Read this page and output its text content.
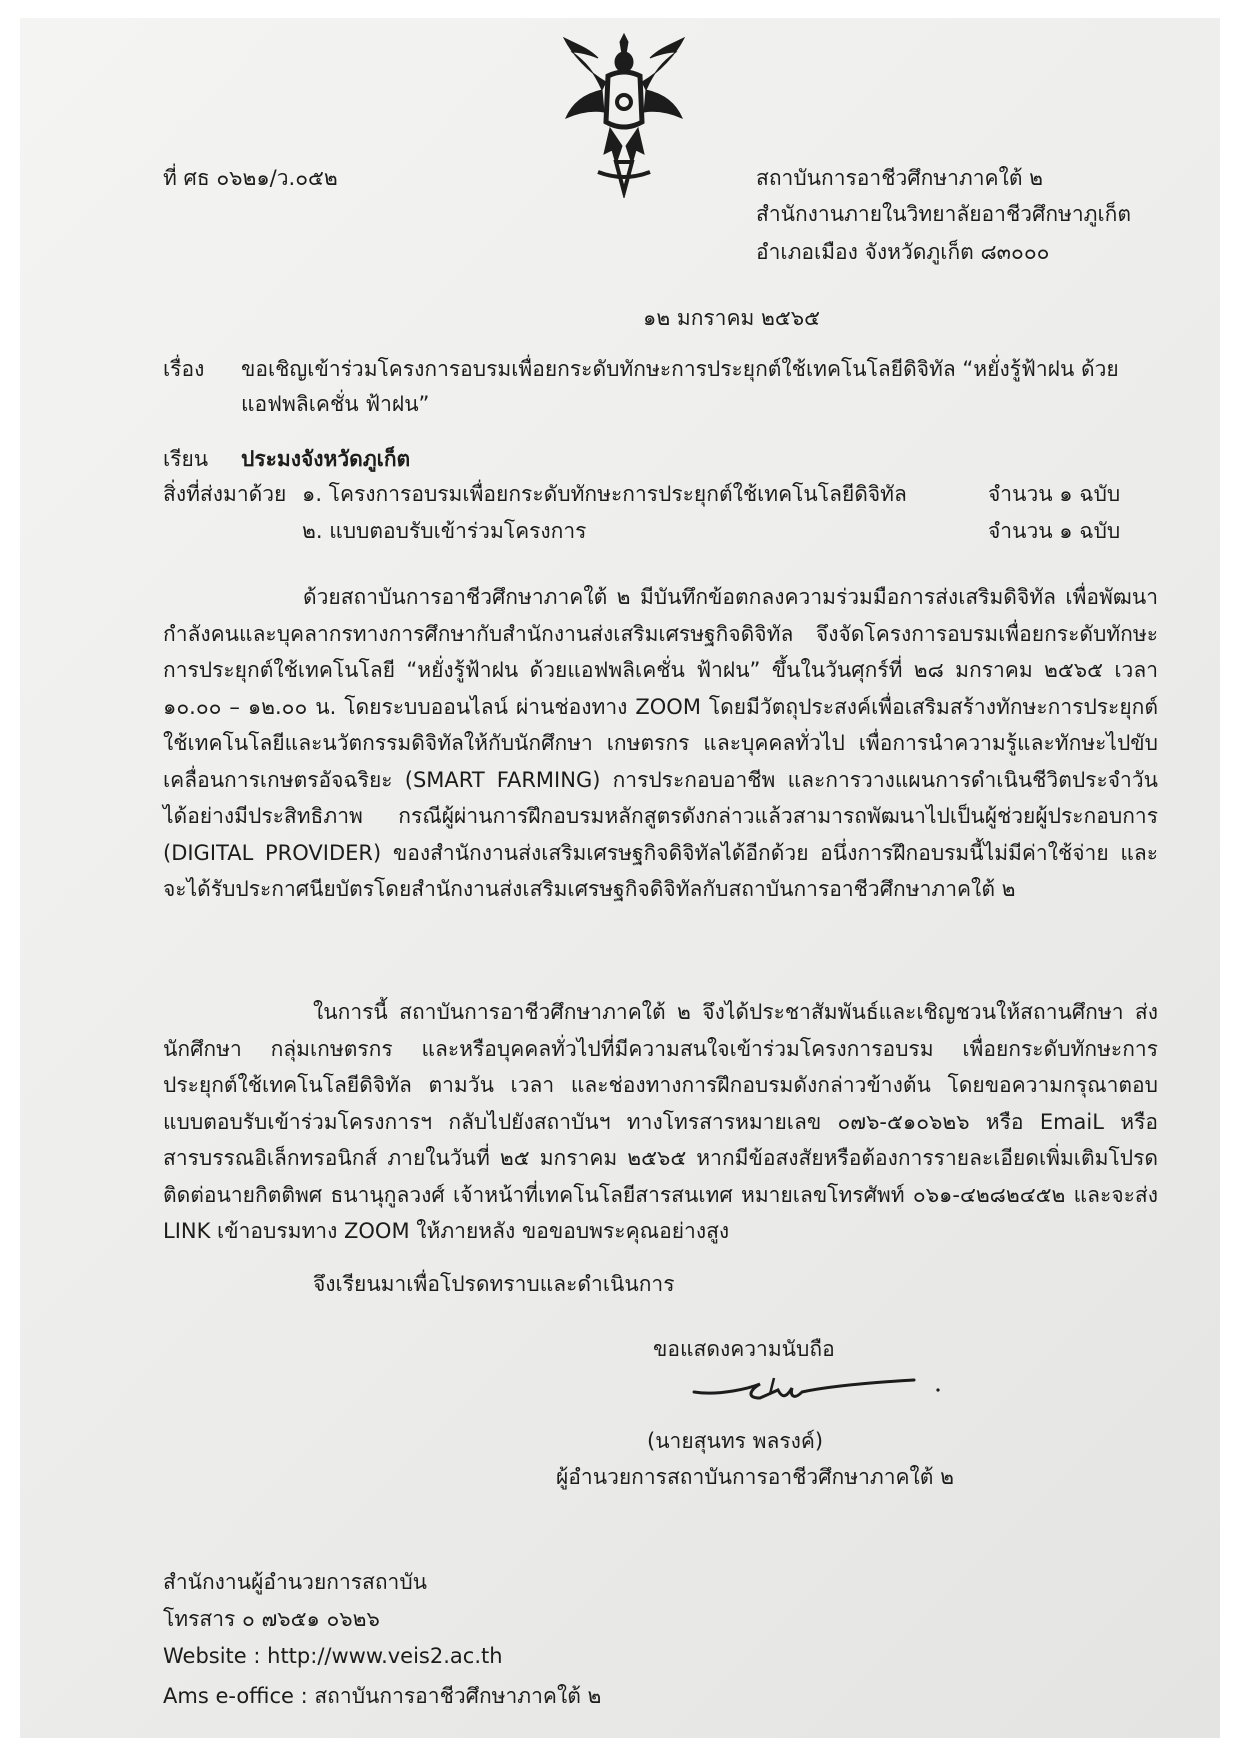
ที่ ศธ ๐๖๒๑/ว.๐๕๒	สถาบันการอาชีวศึกษาภาคใต้ ๒
สำนักงานภายในวิทยาลัยอาชีวศึกษาภูเก็ต
อำเภอเมือง จังหวัดภูเก็ต ๘๓๐๐๐
๑๒ มกราคม ๒๕๖๕
เรื่อง ขอเชิญเข้าร่วมโครงการอบรมเพื่อยกระดับทักษะการประยุกต์ใช้เทคโนโลยีดิจิทัล “หยั่งรู้ฟ้าฝน ด้วย
แอฟพลิเคชั่น ฟ้าฝน”
เรียน ประมงจังหวัดภูเก็ต
สิ่งที่ส่งมาด้วย ๑. โครงการอบรมเพื่อยกระดับทักษะการประยุกต์ใช้เทคโนโลยีดิจิทัล	จำนวน ๑ ฉบับ
๒. แบบตอบรับเข้าร่วมโครงการ	จำนวน ๑ ฉบับ
ด้วยสถาบันการอาชีวศึกษาภาคใต้ ๒ มีบันทึกข้อตกลงความร่วมมือการส่งเสริมดิจิทัล เพื่อพัฒนากำลังคนและบุคลากรทางการศึกษากับสำนักงานส่งเสริมเศรษฐกิจดิจิทัล จึงจัดโครงการอบรมเพื่อยกระดับทักษะการประยุกต์ใช้เทคโนโลยี “หยั่งรู้ฟ้าฝน ด้วยแอฟพลิเคชั่น ฟ้าฝน” ขึ้นในวันศุกร์ที่ ๒๘ มกราคม ๒๕๖๕ เวลา ๑๐.๐๐ – ๑๒.๐๐ น. โดยระบบออนไลน์ ผ่านช่องทาง ZOOM โดยมีวัตถุประสงค์เพื่อเสริมสร้างทักษะการประยุกต์ใช้เทคโนโลยีและนวัตกรรมดิจิทัลให้กับนักศึกษา เกษตรกร และบุคคลทั่วไป เพื่อการนำความรู้และทักษะไปขับเคลื่อนการเกษตรอัจฉริยะ (SMART FARMING) การประกอบอาชีพ และการวางแผนการดำเนินชีวิตประจำวันได้อย่างมีประสิทธิภาพ กรณีผู้ผ่านการฝึกอบรมหลักสูตรดังกล่าวแล้วสามารถพัฒนาไปเป็นผู้ช่วยผู้ประกอบการ (DIGITAL PROVIDER) ของสำนักงานส่งเสริมเศรษฐกิจดิจิทัลได้อีกด้วย อนึ่งการฝึกอบรมนี้ไม่มีค่าใช้จ่าย และจะได้รับประกาศนียบัตรโดยสำนักงานส่งเสริมเศรษฐกิจดิจิทัลกับสถาบันการอาชีวศึกษาภาคใต้ ๒
ในการนี้ สถาบันการอาชีวศึกษาภาคใต้ ๒ จึงได้ประชาสัมพันธ์และเชิญชวนให้สถานศึกษา ส่งนักศึกษา กลุ่มเกษตรกร และหรือบุคคลทั่วไปที่มีความสนใจเข้าร่วมโครงการอบรม เพื่อยกระดับทักษะการประยุกต์ใช้เทคโนโลยีดิจิทัล ตามวัน เวลา และช่องทางการฝึกอบรมดังกล่าวข้างต้น โดยขอความกรุณาตอบแบบตอบรับเข้าร่วมโครงการฯ กลับไปยังสถาบันฯ ทางโทรสารหมายเลข ๐๗๖-๕๑๐๖๒๖ หรือ EmaiL หรือสารบรรณอิเล็กทรอนิกส์ ภายในวันที่ ๒๕ มกราคม ๒๕๖๕ หากมีข้อสงสัยหรือต้องการรายละเอียดเพิ่มเติมโปรดติดต่อนายกิตติพศ ธนานุกูลวงศ์ เจ้าหน้าที่เทคโนโลยีสารสนเทศ หมายเลขโทรศัพท์ ๐๖๑-๔๒๘๒๔๕๒ และจะส่ง LINK เข้าอบรมทาง ZOOM ให้ภายหลัง ขอขอบพระคุณอย่างสูง
จึงเรียนมาเพื่อโปรดทราบและดำเนินการ
ขอแสดงความนับถือ
(นายสุนทร พลรงค์)
ผู้อำนวยการสถาบันการอาชีวศึกษาภาคใต้ ๒
สำนักงานผู้อำนวยการสถาบัน
โทรสาร ๐ ๗๖๕๑ ๐๖๒๖
Website : http://www.veis2.ac.th
Ams e-office : สถาบันการอาชีวศึกษาภาคใต้ ๒
